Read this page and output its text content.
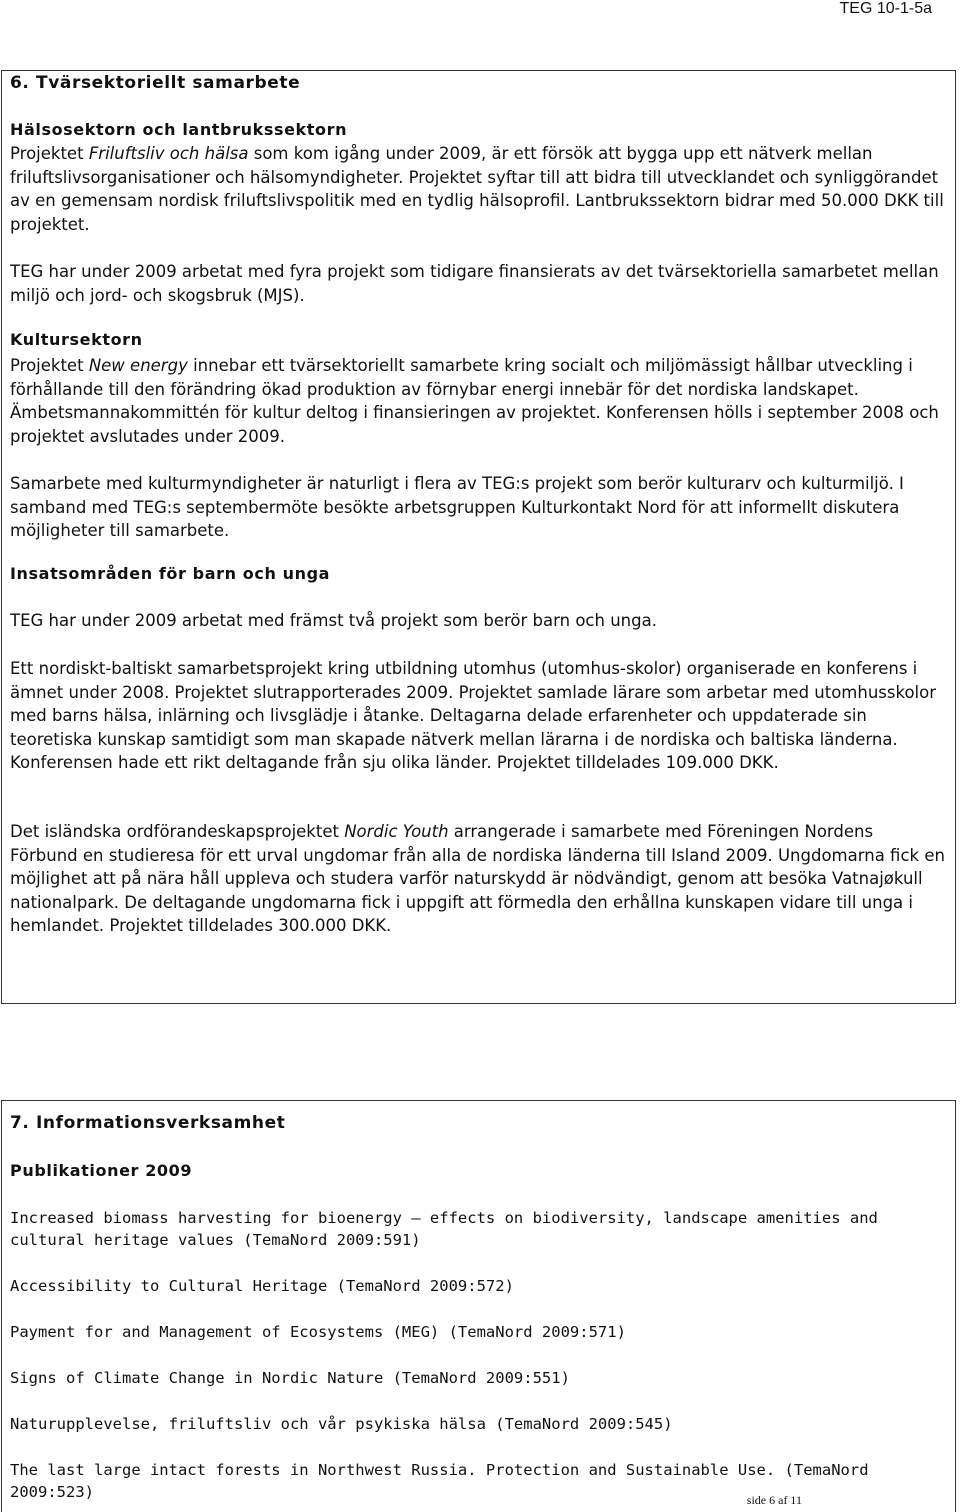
TEG 10-1-5a
6. Tvärsektoriellt samarbete
Hälsosektorn och lantbrukssektorn

Projektet Friluftsliv och hälsa som kom igång under 2009, är ett försök att bygga upp ett nätverk mellan friluftslivsorganisationer och hälsomyndigheter. Projektet syftar till att bidra till utvecklandet och synliggörandet av en gemensam nordisk friluftslivspolitik med en tydlig hälsoprofil. Lantbrukssektorn bidrar med 50.000 DKK till projektet.

TEG har under 2009 arbetat med fyra projekt som tidigare finansierats av det tvärsektoriella samarbetet mellan miljö och jord- och skogsbruk (MJS).

Kultursektorn

Projektet New energy innebar ett tvärsektoriellt samarbete kring socialt och miljömässigt hållbar utveckling i förhållande till den förändring ökad produktion av förnybar energi innebär för det nordiska landskapet. Ämbetsmannakommittén för kultur deltog i finansieringen av projektet. Konferensen hölls i september 2008 och projektet avslutades under 2009.

Samarbete med kulturmyndigheter är naturligt i flera av TEG:s projekt som berör kulturarv och kulturmiljö. I samband med TEG:s septembermöte besökte arbetsgruppen Kulturkontakt Nord för att informellt diskutera möjligheter till samarbete.

Insatsområden för barn och unga

TEG har under 2009 arbetat med främst två projekt som berör barn och unga.

Ett nordiskt-baltiskt samarbetsprojekt kring utbildning utomhus (utomhus-skolor) organiserade en konferens i ämnet under 2008. Projektet slutrapporterades 2009. Projektet samlade lärare som arbetar med utomhusskolor med barns hälsa, inlärning och livsglädje i åtanke. Deltagarna delade erfarenheter och uppdaterade sin teoretiska kunskap samtidigt som man skapade nätverk mellan lärarna i de nordiska och baltiska länderna. Konferensen hade ett rikt deltagande från sju olika länder. Projektet tilldelades 109.000 DKK.

Det isländska ordförandeskapsprojektet Nordic Youth arrangerade i samarbete med Föreningen Nordens Förbund en studieresa för ett urval ungdomar från alla de nordiska länderna till Island 2009. Ungdomarna fick en möjlighet att på nära håll uppleva och studera varför naturskydd är nödvändigt, genom att besöka Vatnajøkull nationalpark. De deltagande ungdomarna fick i uppgift att förmedla den erhållna kunskapen vidare till unga i hemlandet. Projektet tilldelades 300.000 DKK.

7. Informationsverksamhet
Publikationer 2009

Increased biomass harvesting for bioenergy – effects on biodiversity, landscape amenities and cultural heritage values (TemaNord 2009:591)

Accessibility to Cultural Heritage (TemaNord 2009:572)

Payment for and Management of Ecosystems (MEG) (TemaNord 2009:571)

Signs of Climate Change in Nordic Nature (TemaNord 2009:551)

Naturupplevelse, friluftsliv och vår psykiska hälsa (TemaNord 2009:545)

The last large intact forests in Northwest Russia. Protection and Sustainable Use. (TemaNord 2009:523)	side 6 af 11
